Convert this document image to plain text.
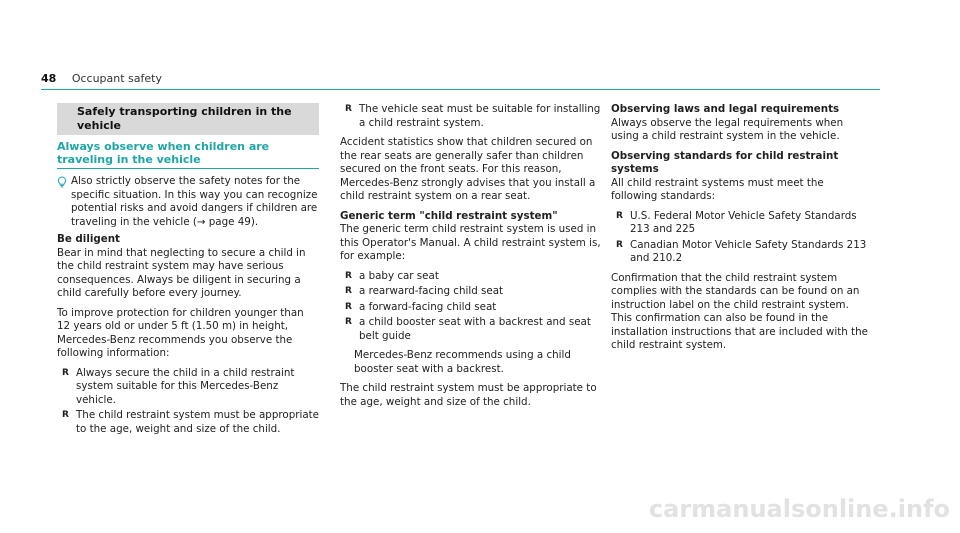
48 Occupant safety
Safely transporting children in the vehicle
Always observe when children are traveling in the vehicle
Also strictly observe the safety notes for the specific situation. In this way you can recognize potential risks and avoid dangers if children are traveling in the vehicle (→ page 49).
Be diligent

Bear in mind that neglecting to secure a child in the child restraint system may have serious consequences. Always be diligent in securing a child carefully before every journey.

To improve protection for children younger than 12 years old or under 5 ft (1.50 m) in height, Mercedes-Benz recommends you observe the following information:

R Always secure the child in a child restraint system suitable for this Mercedes-Benz vehicle.
R The child restraint system must be appropriate to the age, weight and size of the child.
R The vehicle seat must be suitable for installing a child restraint system.

Accident statistics show that children secured on the rear seats are generally safer than children secured on the front seats. For this reason, Mercedes-Benz strongly advises that you install a child restraint system on a rear seat.

Generic term "child restraint system"

The generic term child restraint system is used in this Operator's Manual. A child restraint system is, for example:

R a baby car seat
R a rearward-facing child seat
R a forward-facing child seat
R a child booster seat with a backrest and seat belt guide
Mercedes-Benz recommends using a child booster seat with a backrest.

The child restraint system must be appropriate to the age, weight and size of the child.

Observing laws and legal requirements

Always observe the legal requirements when using a child restraint system in the vehicle.

Observing standards for child restraint systems

All child restraint systems must meet the following standards:

R U.S. Federal Motor Vehicle Safety Standards 213 and 225
R Canadian Motor Vehicle Safety Standards 213 and 210.2

Confirmation that the child restraint system complies with the standards can be found on an instruction label on the child restraint system. This confirmation can also be found in the installation instructions that are included with the child restraint system.

carmanualsonline.info
